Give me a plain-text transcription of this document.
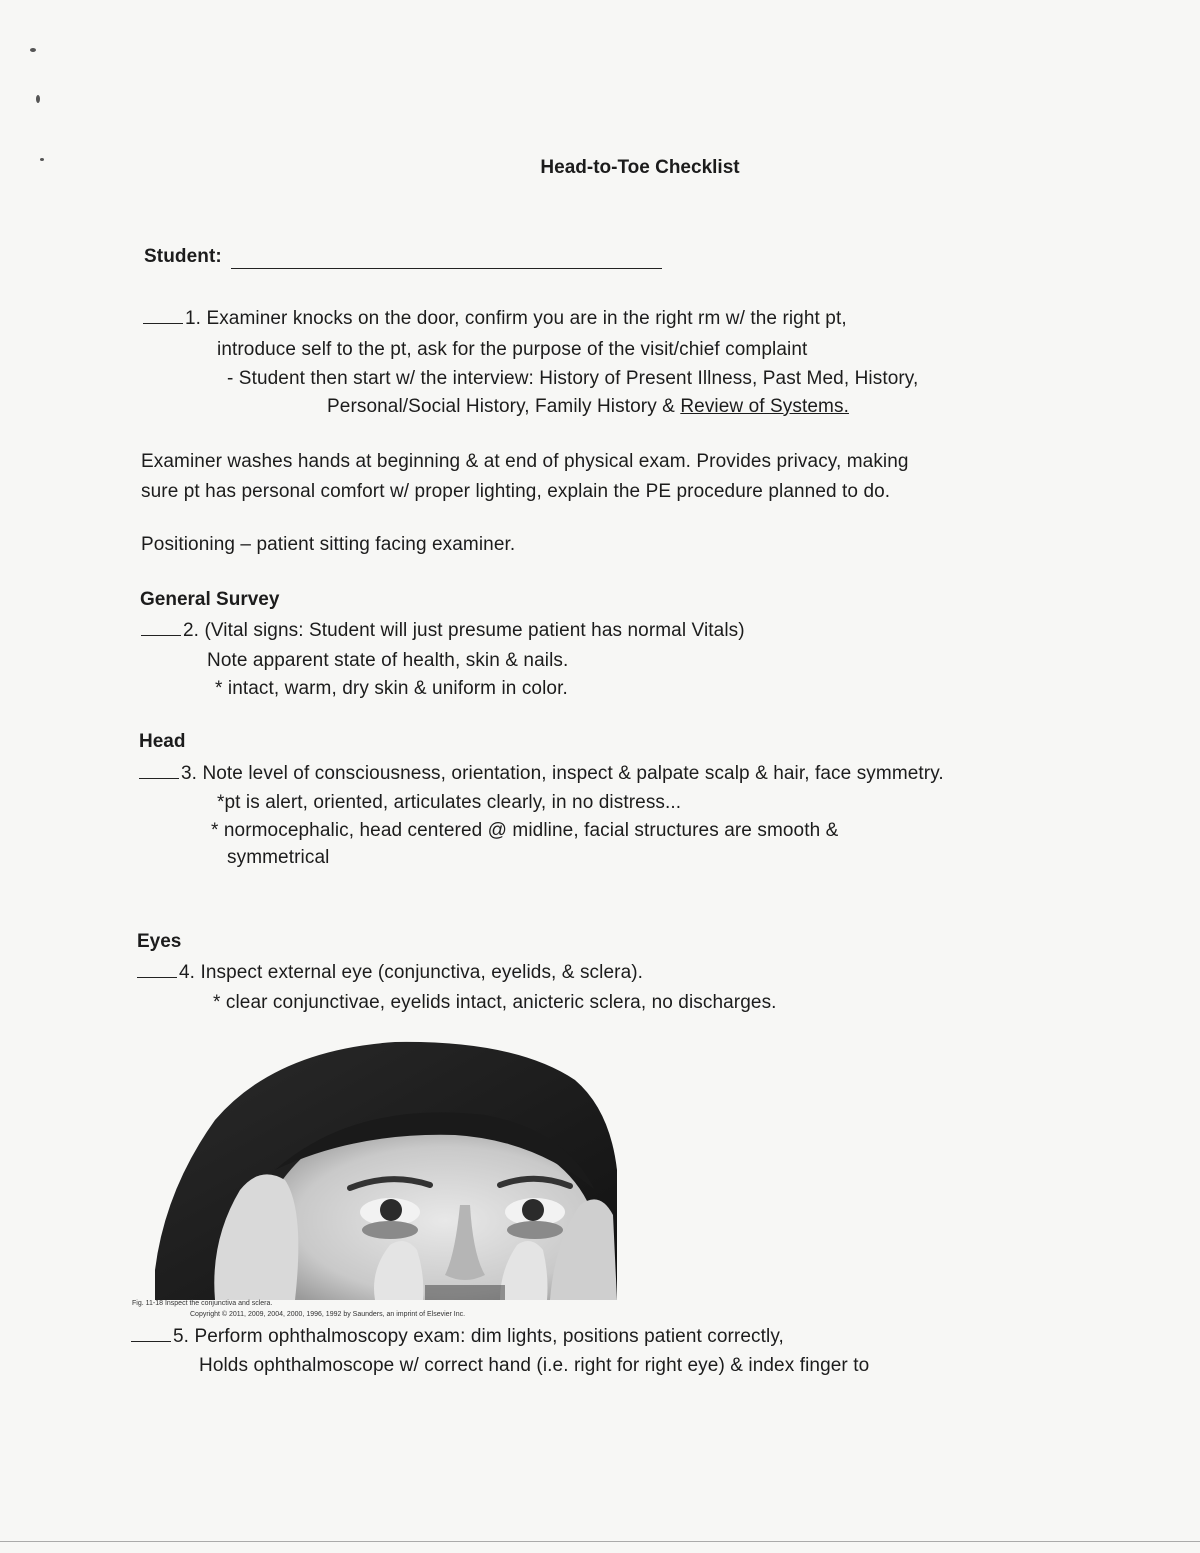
Head-to-Toe Checklist
Student:
1. Examiner knocks on the door, confirm you are in the right rm w/ the right pt,
introduce self to the pt, ask for the purpose of the visit/chief complaint
- Student then start w/ the interview: History of Present Illness, Past Med, History,
Personal/Social History, Family History & Review of Systems.
Examiner washes hands at beginning & at end of physical exam. Provides privacy, making
sure pt has personal comfort w/ proper lighting, explain the PE procedure planned to do.
Positioning – patient sitting facing examiner.
General Survey
2. (Vital signs: Student will just presume patient has normal Vitals)
Note apparent state of health, skin & nails.
* intact, warm, dry skin & uniform in color.
Head
3. Note level of consciousness, orientation, inspect & palpate scalp & hair, face symmetry.
*pt is alert, oriented, articulates clearly, in no distress...
* normocephalic, head centered @ midline, facial structures are smooth &
symmetrical
Eyes
4. Inspect external eye (conjunctiva, eyelids, & sclera).
* clear conjunctivae, eyelids intact, anicteric sclera, no discharges.
Fig. 11-18 Inspect the conjunctiva and sclera.
Copyright © 2011, 2009, 2004, 2000, 1996, 1992 by Saunders, an imprint of Elsevier Inc.
5. Perform ophthalmoscopy exam: dim lights, positions patient correctly,
Holds ophthalmoscope w/ correct hand (i.e. right for right eye) & index finger to
